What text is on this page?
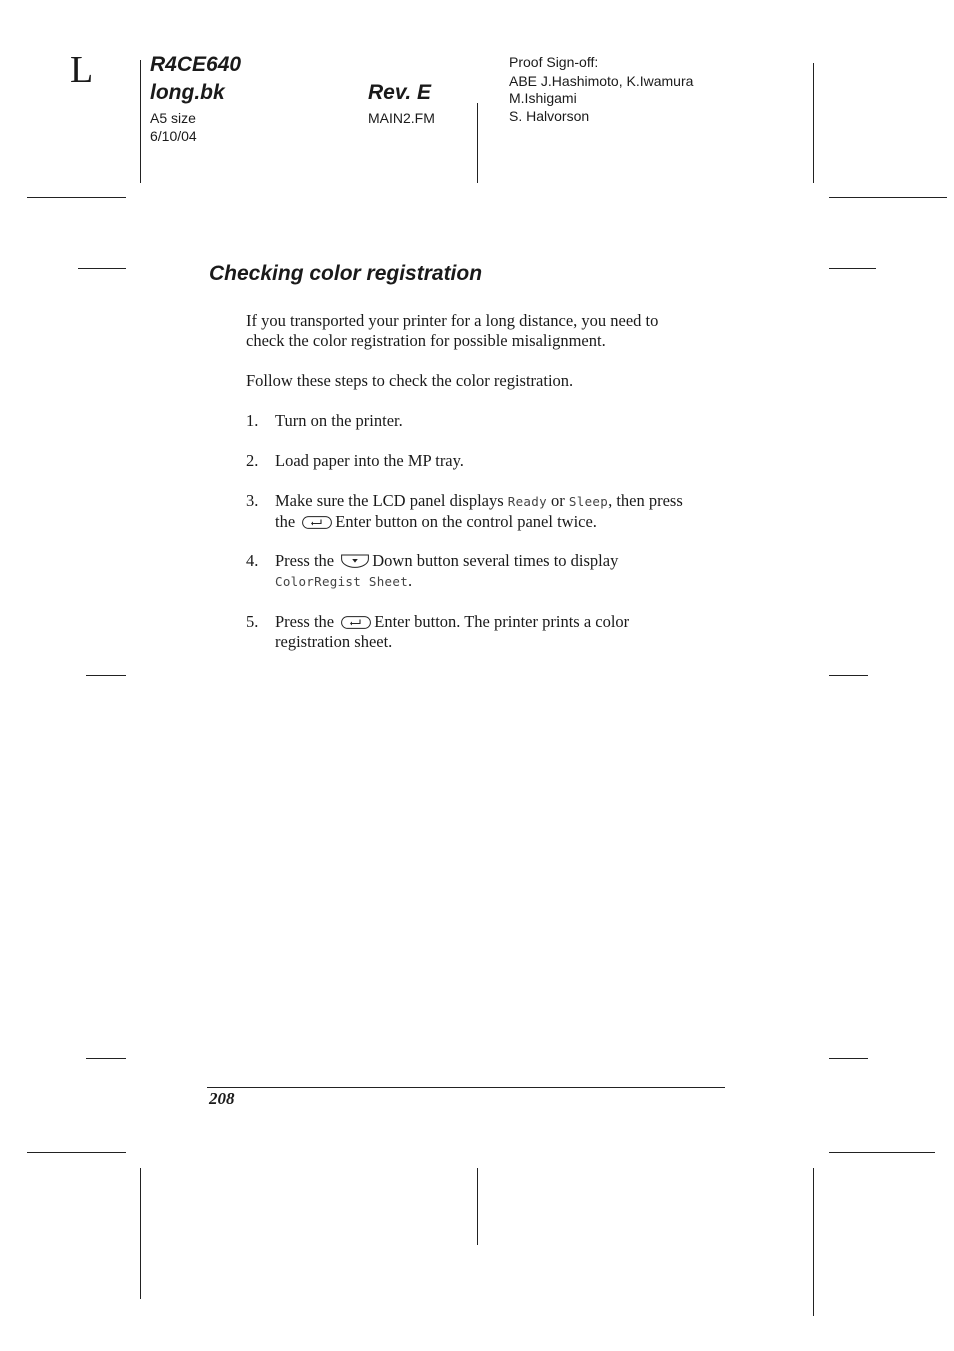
L	R4CE640
long.bk	Rev. E
A5 size
6/10/04
MAIN2.FM
Proof Sign-off:
ABE J.Hashimoto, K.Iwamura
M.Ishigami
S. Halvorson
Checking color registration
If you transported your printer for a long distance, you need to
check the color registration for possible misalignment.
Follow these steps to check the color registration.
1.	Turn on the printer.
2.	Load paper into the MP tray.
3.	Make sure the LCD panel displays Ready or Sleep, then press
the Enter button on the control panel twice.
4.	Press the Down button several times to display
ColorRegist Sheet.
5.	Press the Enter button. The printer prints a color
registration sheet.
208
